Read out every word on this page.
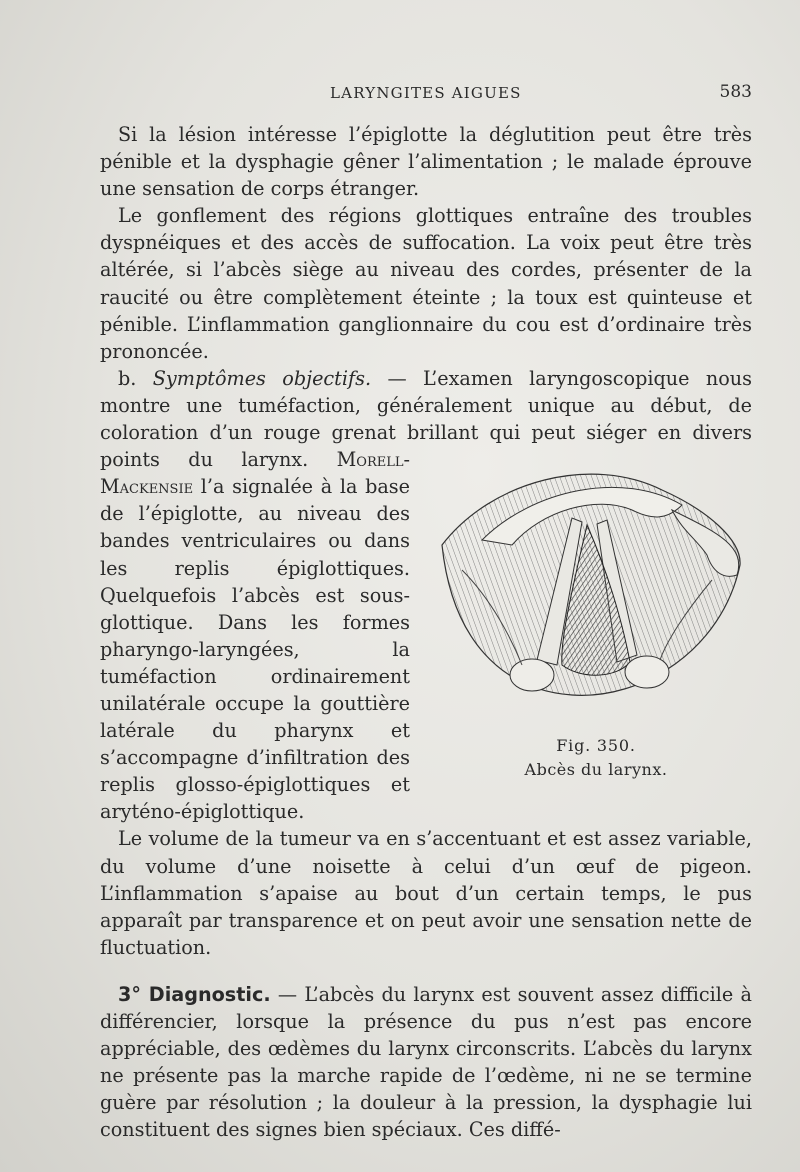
LARYNGITES AIGUES	583

Si la lésion intéresse l’épiglotte la déglutition peut être très pénible et la dysphagie gêner l’alimentation ; le malade éprouve une sensation de corps étranger.

Le gonflement des régions glottiques entraîne des troubles dyspnéiques et des accès de suffocation. La voix peut être très altérée, si l’abcès siège au niveau des cordes, présenter de la raucité ou être complètement éteinte ; la toux est quinteuse et pénible. L’inflammation ganglionnaire du cou est d’ordinaire très prononcée.

b. Symptômes objectifs. — L’examen laryngoscopique nous montre une tuméfaction, généralement unique au début, de coloration d’un rouge grenat brillant qui peut siéger en divers points du larynx.
Fig. 350.
Abcès du larynx.
Morell-Mackensie l’a signalée à la base de l’épiglotte, au niveau des bandes ventriculaires ou dans les replis épiglottiques. Quelquefois l’abcès est sous-glottique. Dans les formes pharyngo-laryngées, la tuméfaction ordinairement unilatérale occupe la gouttière latérale du pharynx et s’accompagne d’infiltration des replis glosso-épiglottiques et aryténo-épiglottique.

Le volume de la tumeur va en s’accentuant et est assez variable, du volume d’une noisette à celui d’un œuf de pigeon. L’inflammation s’apaise au bout d’un certain temps, le pus apparaît par transparence et on peut avoir une sensation nette de fluctuation.

3° Diagnostic. — L’abcès du larynx est souvent assez difficile à différencier, lorsque la présence du pus n’est pas encore appréciable, des œdèmes du larynx circonscrits. L’abcès du larynx ne présente pas la marche rapide de l’œdème, ni ne se termine guère par résolution ; la douleur à la pression, la dysphagie lui constituent des signes bien spéciaux. Ces diffé-
